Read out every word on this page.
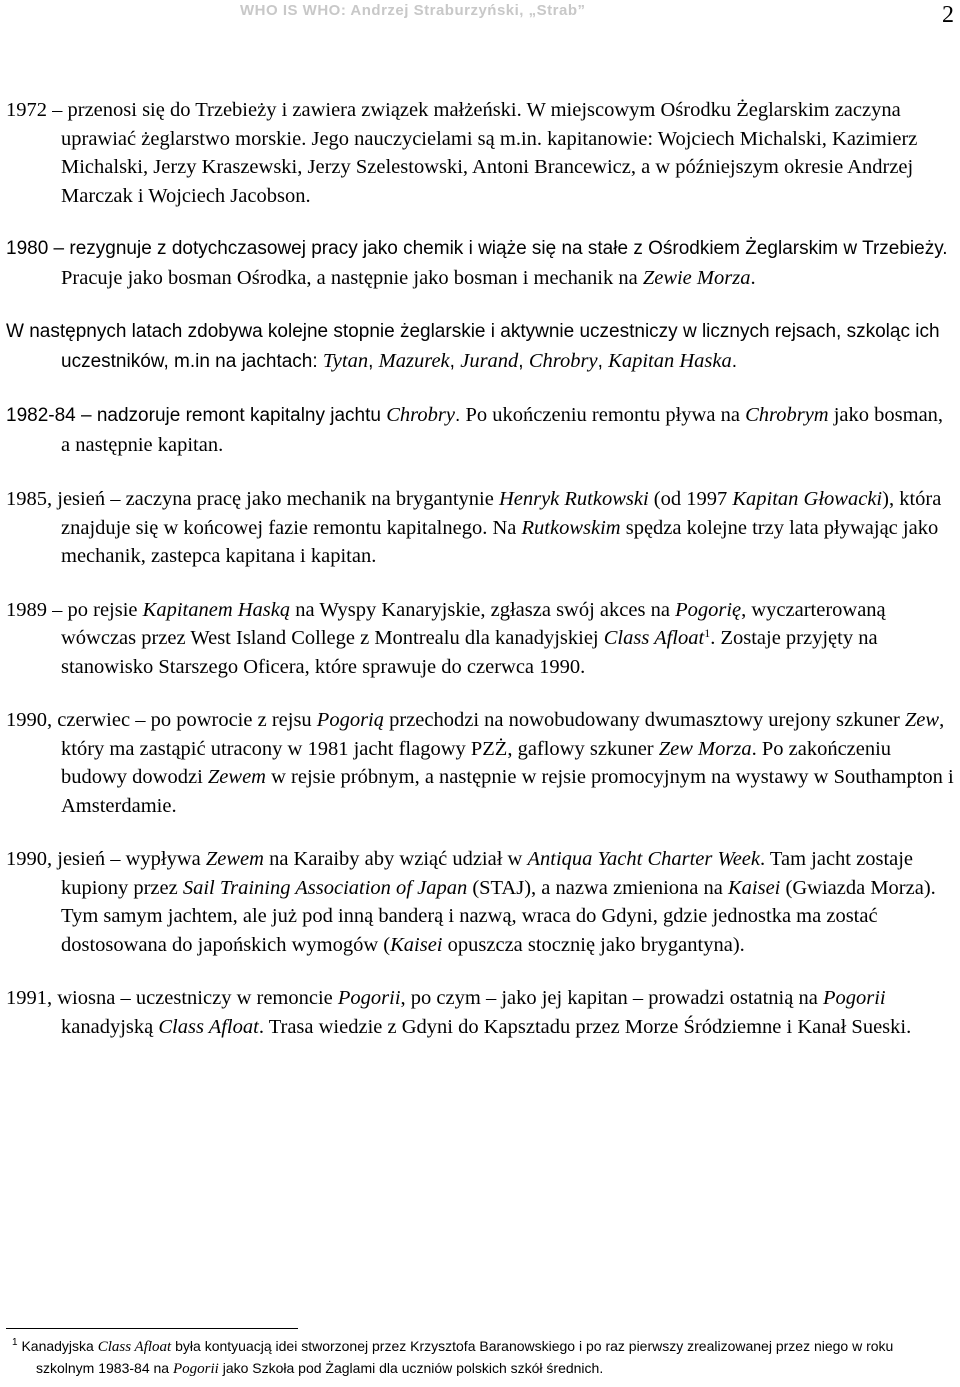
WHO IS WHO: Andrzej Straburzyński, „Strab”	2

1972 – przenosi się do Trzebieży i zawiera związek małżeński. W miejscowym Ośrodku Żeglarskim zaczyna uprawiać żeglarstwo morskie. Jego nauczycielami są m.in. kapitanowie: Wojciech Michalski, Kazimierz Michalski, Jerzy Kraszewski, Jerzy Szelestowski, Antoni Brancewicz, a w późniejszym okresie Andrzej Marczak i Wojciech Jacobson.

1980 – rezygnuje z dotychczasowej pracy jako chemik i wiąże się na stałe z Ośrodkiem Żeglarskim w Trzebieży. Pracuje jako bosman Ośrodka, a następnie jako bosman i mechanik na Zewie Morza.

W następnych latach zdobywa kolejne stopnie żeglarskie i aktywnie uczestniczy w licznych rejsach, szkoląc ich uczestników, m.in na jachtach: Tytan, Mazurek, Jurand, Chrobry, Kapitan Haska.

1982-84 – nadzoruje remont kapitalny jachtu Chrobry. Po ukończeniu remontu pływa na Chrobrym jako bosman, a następnie kapitan.

1985, jesień – zaczyna pracę jako mechanik na brygantynie Henryk Rutkowski (od 1997 Kapitan Głowacki), która znajduje się w końcowej fazie remontu kapitalnego. Na Rutkowskim spędza kolejne trzy lata pływając jako mechanik, zastepca kapitana i kapitan.

1989 – po rejsie Kapitanem Haską na Wyspy Kanaryjskie, zgłasza swój akces na Pogorię, wyczarterowaną wówczas przez West Island College z Montrealu dla kanadyjskiej Class Afloat$^1$. Zostaje przyjęty na stanowisko Starszego Oficera, które sprawuje do czerwca 1990.

1990, czerwiec – po powrocie z rejsu Pogorią przechodzi na nowobudowany dwumasztowy urejony szkuner Zew, który ma zastąpić utracony w 1981 jacht flagowy PZŻ, gaflowy szkuner Zew Morza. Po zakończeniu budowy dowodzi Zewem w rejsie próbnym, a następnie w rejsie promocyjnym na wystawy w Southampton i Amsterdamie.

1990, jesień – wypływa Zewem na Karaiby aby wziąć udział w Antiqua Yacht Charter Week. Tam jacht zostaje kupiony przez Sail Training Association of Japan (STAJ), a nazwa zmieniona na Kaisei (Gwiazda Morza). Tym samym jachtem, ale już pod inną banderą i nazwą, wraca do Gdyni, gdzie jednostka ma zostać dostosowana do japońskich wymogów (Kaisei opuszcza stocznię jako brygantyna).

1991, wiosna – uczestniczy w remoncie Pogorii, po czym – jako jej kapitan – prowadzi ostatnią na Pogorii kanadyjską Class Afloat. Trasa wiedzie z Gdyni do Kapsztadu przez Morze Śródziemne i Kanał Sueski.

$^1$ Kanadyjska Class Afloat była kontyuacją idei stworzonej przez Krzysztofa Baranowskiego i po raz pierwszy zrealizowanej przez niego w roku szkolnym 1983-84 na Pogorii jako Szkoła pod Żaglami dla uczniów polskich szkół średnich.
